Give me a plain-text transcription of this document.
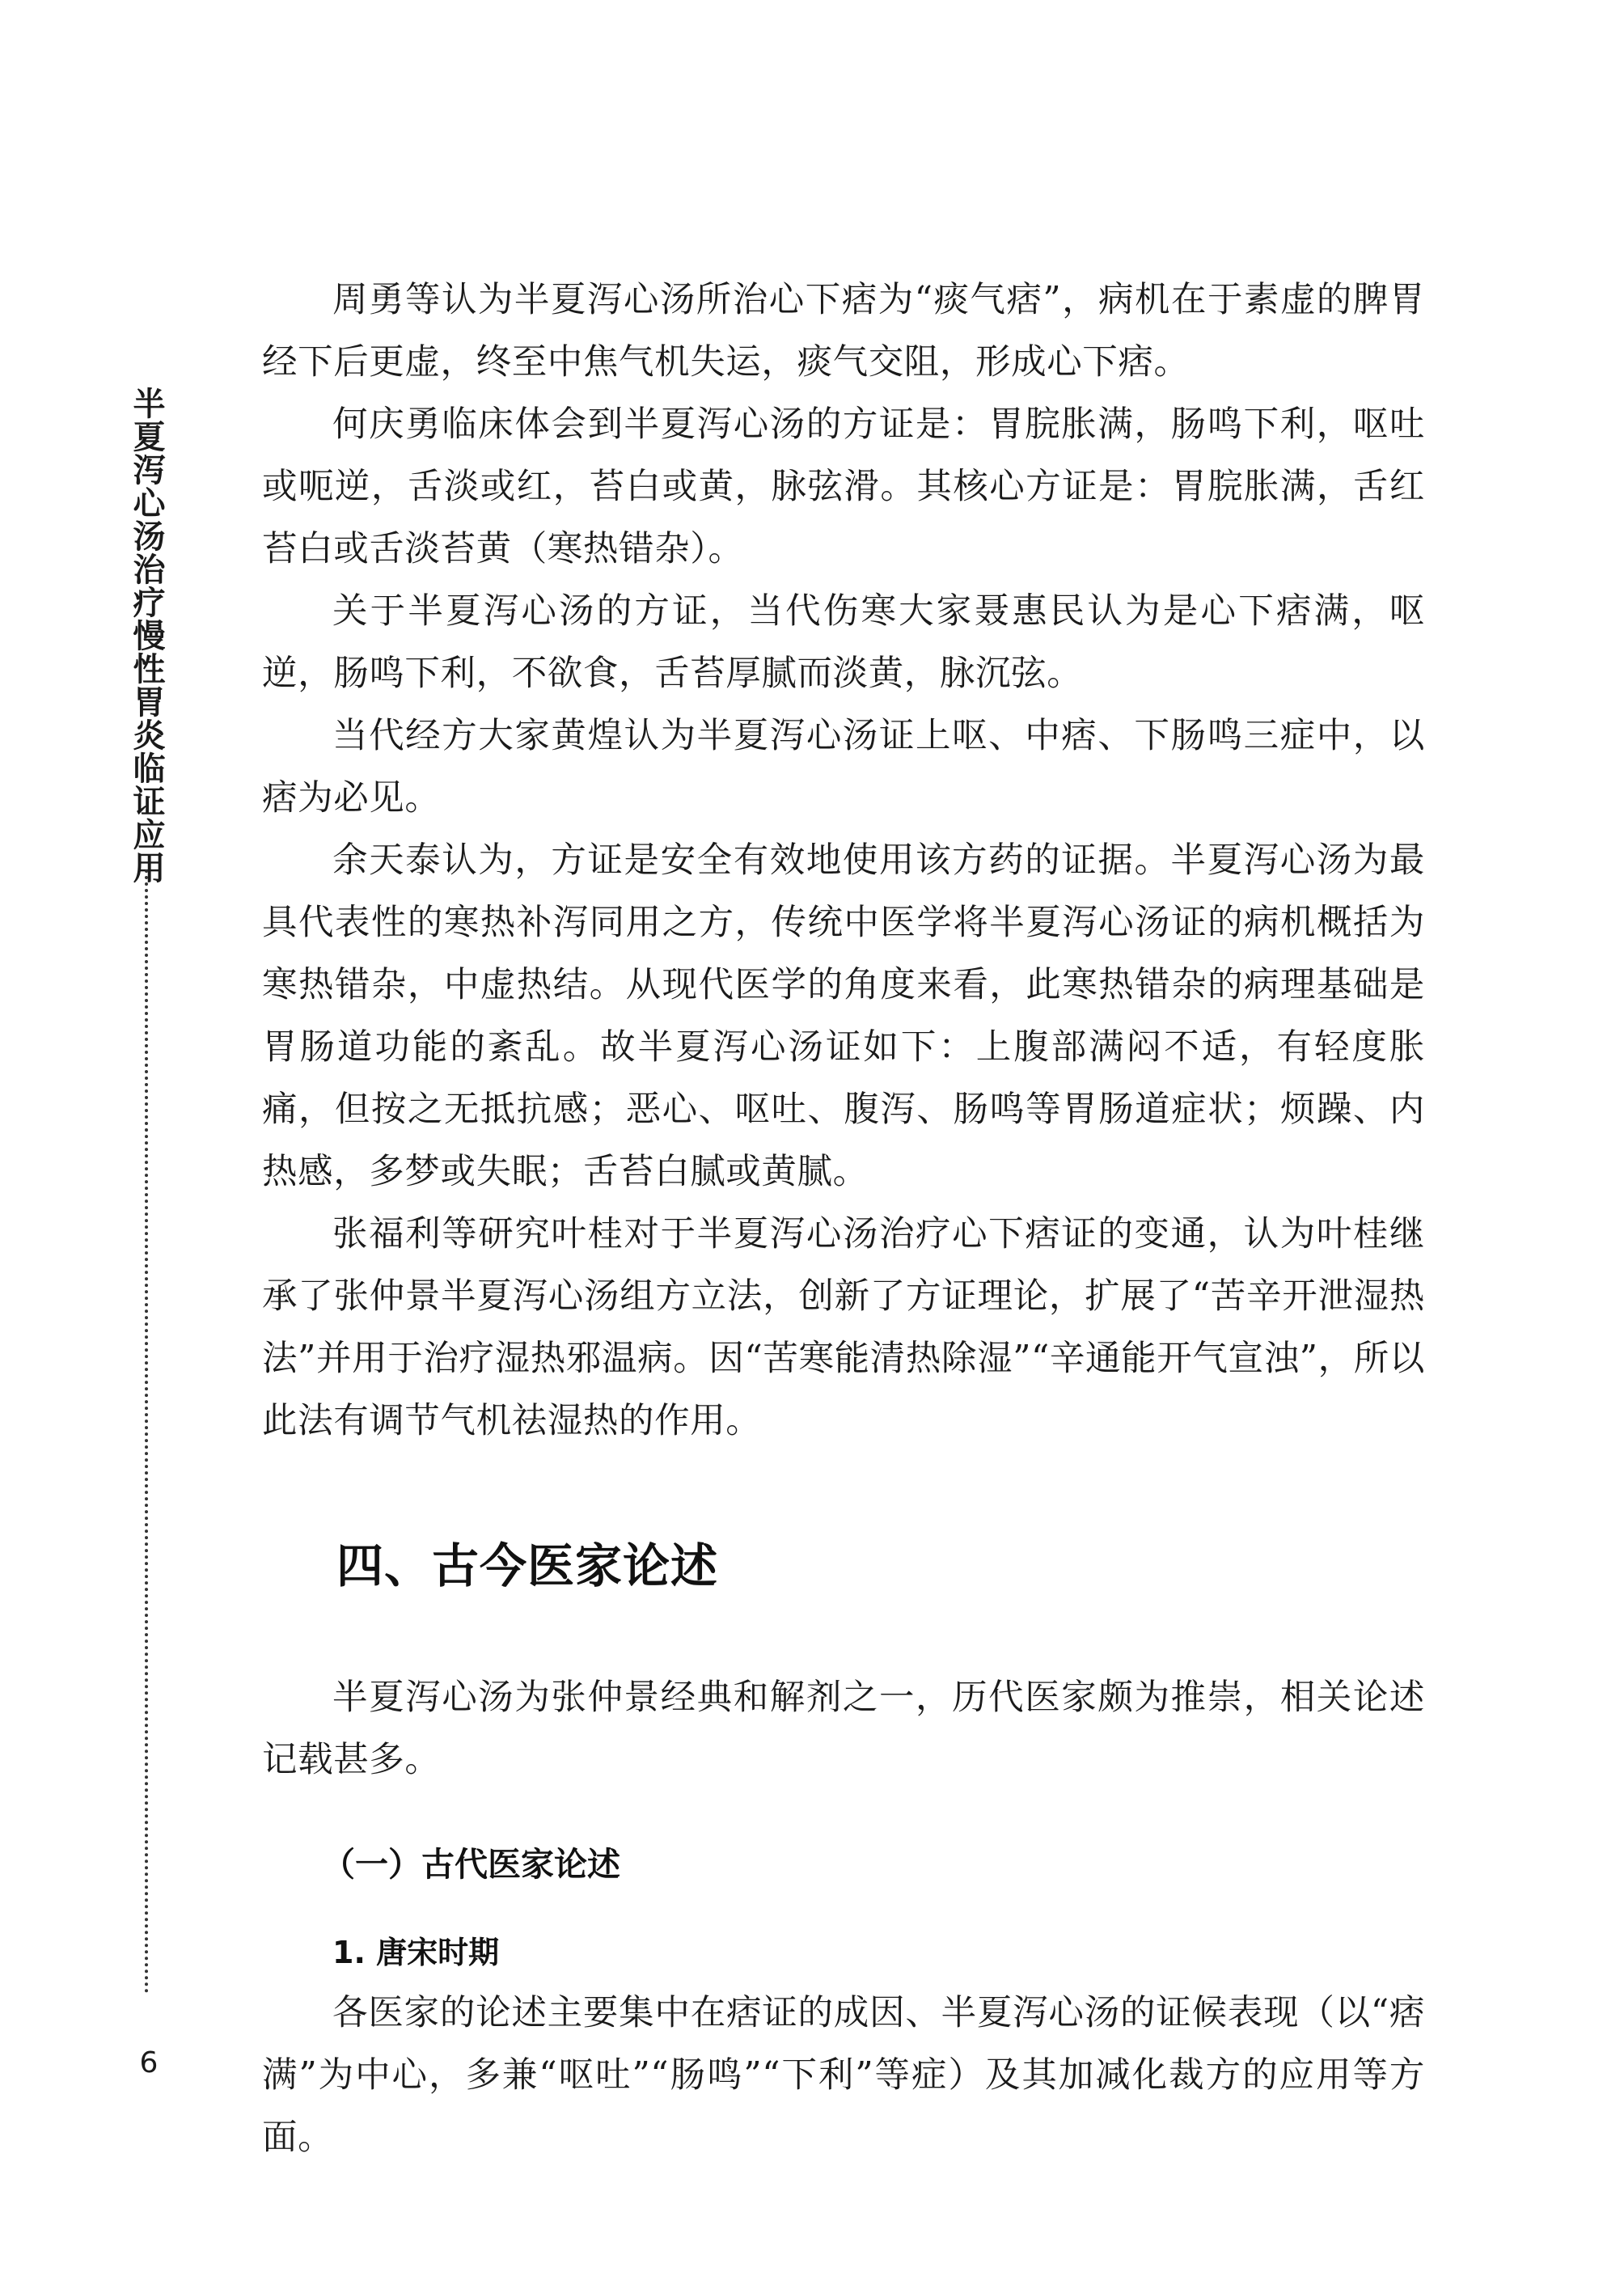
半夏泻心汤治疗慢性胃炎临证应用
6

周勇等认为半夏泻心汤所治心下痞为“痰气痞”，病机在于素虚的脾胃经下后更虚，终至中焦气机失运，痰气交阻，形成心下痞。

何庆勇临床体会到半夏泻心汤的方证是：胃脘胀满，肠鸣下利，呕吐或呃逆，舌淡或红，苔白或黄，脉弦滑。其核心方证是：胃脘胀满，舌红苔白或舌淡苔黄（寒热错杂）。

关于半夏泻心汤的方证，当代伤寒大家聂惠民认为是心下痞满，呕逆，肠鸣下利，不欲食，舌苔厚腻而淡黄，脉沉弦。

当代经方大家黄煌认为半夏泻心汤证上呕、中痞、下肠鸣三症中，以痞为必见。

余天泰认为，方证是安全有效地使用该方药的证据。半夏泻心汤为最具代表性的寒热补泻同用之方，传统中医学将半夏泻心汤证的病机概括为寒热错杂，中虚热结。从现代医学的角度来看，此寒热错杂的病理基础是胃肠道功能的紊乱。故半夏泻心汤证如下：上腹部满闷不适，有轻度胀痛，但按之无抵抗感；恶心、呕吐、腹泻、肠鸣等胃肠道症状；烦躁、内热感，多梦或失眠；舌苔白腻或黄腻。

张福利等研究叶桂对于半夏泻心汤治疗心下痞证的变通，认为叶桂继承了张仲景半夏泻心汤组方立法，创新了方证理论，扩展了“苦辛开泄湿热法”并用于治疗湿热邪温病。因“苦寒能清热除湿”“辛通能开气宣浊”，所以此法有调节气机祛湿热的作用。

四、古今医家论述

半夏泻心汤为张仲景经典和解剂之一，历代医家颇为推崇，相关论述记载甚多。

（一）古代医家论述
1. 唐宋时期

各医家的论述主要集中在痞证的成因、半夏泻心汤的证候表现（以“痞满”为中心，多兼“呕吐”“肠鸣”“下利”等症）及其加减化裁方的应用等方面。
